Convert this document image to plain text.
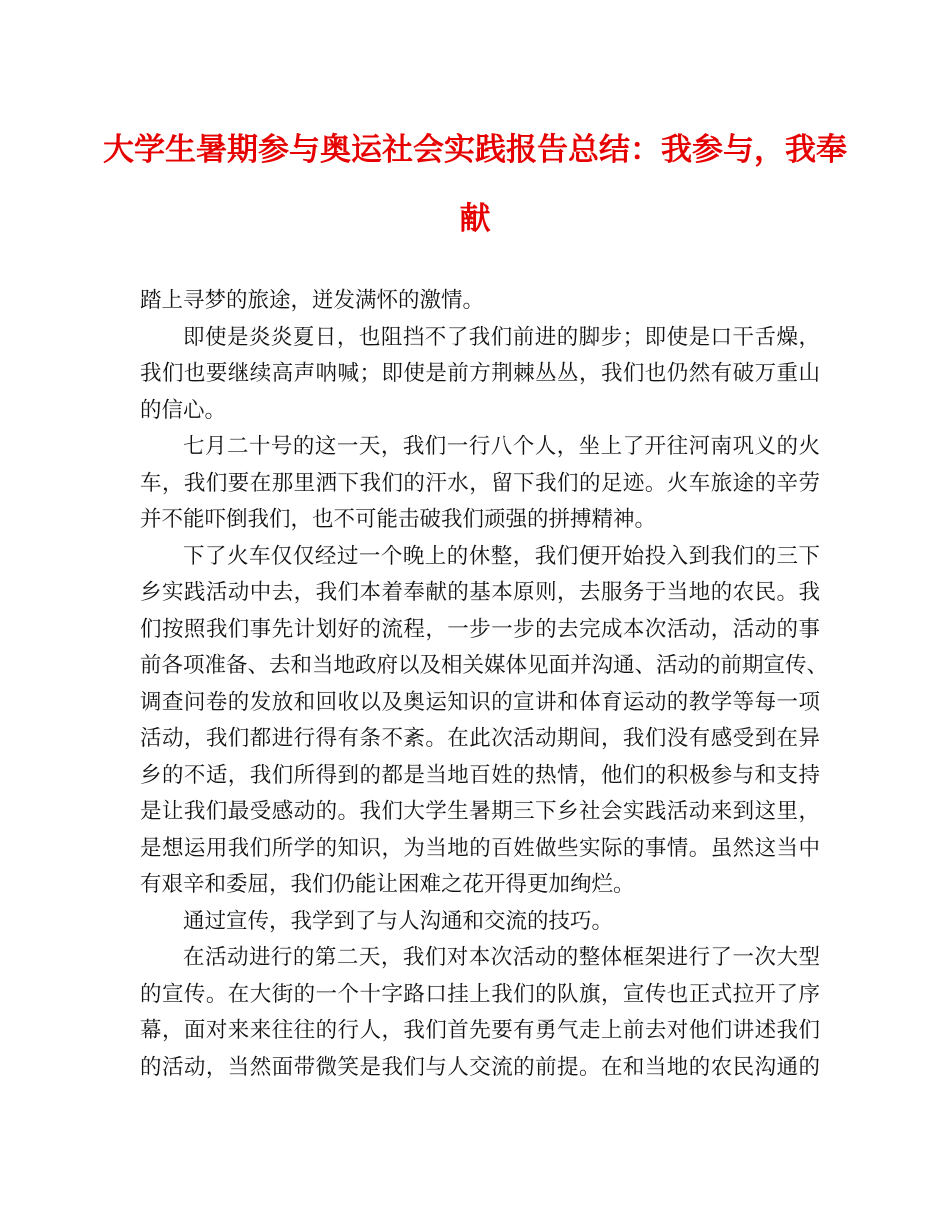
大学生暑期参与奥运社会实践报告总结：我参与，我奉
献
踏上寻梦的旅途，迸发满怀的激情。
即使是炎炎夏日，也阻挡不了我们前进的脚步；即使是口干舌燥，
我们也要继续高声呐喊；即使是前方荆棘丛丛，我们也仍然有破万重山
的信心。
七月二十号的这一天，我们一行八个人，坐上了开往河南巩义的火
车，我们要在那里洒下我们的汗水，留下我们的足迹。火车旅途的辛劳
并不能吓倒我们，也不可能击破我们顽强的拼搏精神。
下了火车仅仅经过一个晚上的休整，我们便开始投入到我们的三下
乡实践活动中去，我们本着奉献的基本原则，去服务于当地的农民。我
们按照我们事先计划好的流程，一步一步的去完成本次活动，活动的事
前各项准备、去和当地政府以及相关媒体见面并沟通、活动的前期宣传、
调查问卷的发放和回收以及奥运知识的宣讲和体育运动的教学等每一项
活动，我们都进行得有条不紊。在此次活动期间，我们没有感受到在异
乡的不适，我们所得到的都是当地百姓的热情，他们的积极参与和支持
是让我们最受感动的。我们大学生暑期三下乡社会实践活动来到这里，
是想运用我们所学的知识，为当地的百姓做些实际的事情。虽然这当中
有艰辛和委屈，我们仍能让困难之花开得更加绚烂。
通过宣传，我学到了与人沟通和交流的技巧。
在活动进行的第二天，我们对本次活动的整体框架进行了一次大型
的宣传。在大街的一个十字路口挂上我们的队旗，宣传也正式拉开了序
幕，面对来来往往的行人，我们首先要有勇气走上前去对他们讲述我们
的活动，当然面带微笑是我们与人交流的前提。在和当地的农民沟通的
